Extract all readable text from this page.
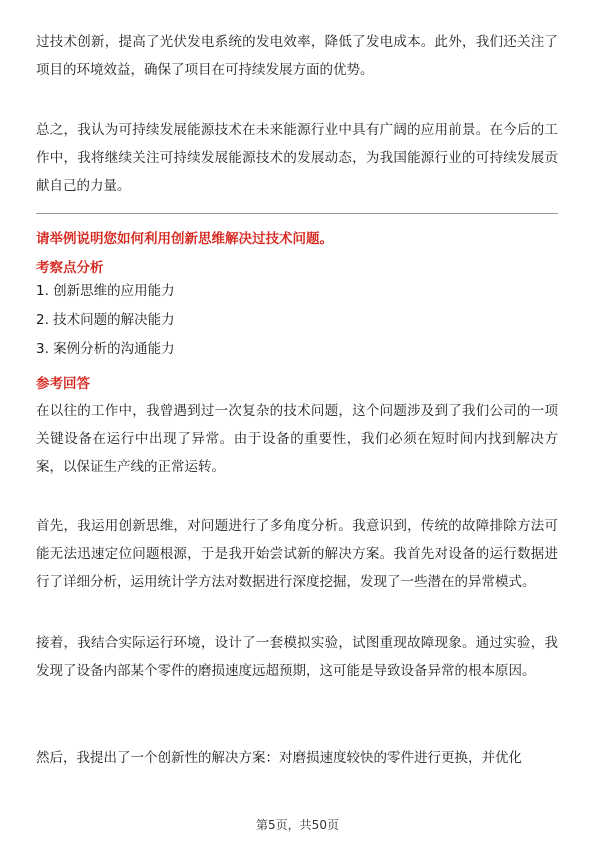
过技术创新，提高了光伏发电系统的发电效率，降低了发电成本。此外，我们还关注了项目的环境效益，确保了项目在可持续发展方面的优势。

总之，我认为可持续发展能源技术在未来能源行业中具有广阔的应用前景。在今后的工作中，我将继续关注可持续发展能源技术的发展动态，为我国能源行业的可持续发展贡献自己的力量。

请举例说明您如何利用创新思维解决过技术问题。

考察点分析

1. 创新思维的应用能力
2. 技术问题的解决能力
3. 案例分析的沟通能力

参考回答

在以往的工作中，我曾遇到过一次复杂的技术问题，这个问题涉及到了我们公司的一项关键设备在运行中出现了异常。由于设备的重要性，我们必须在短时间内找到解决方案，以保证生产线的正常运转。

首先，我运用创新思维，对问题进行了多角度分析。我意识到，传统的故障排除方法可能无法迅速定位问题根源，于是我开始尝试新的解决方案。我首先对设备的运行数据进行了详细分析，运用统计学方法对数据进行深度挖掘，发现了一些潜在的异常模式。

接着，我结合实际运行环境，设计了一套模拟实验，试图重现故障现象。通过实验，我发现了设备内部某个零件的磨损速度远超预期，这可能是导致设备异常的根本原因。

然后，我提出了一个创新性的解决方案：对磨损速度较快的零件进行更换，并优化

第5页，共50页
